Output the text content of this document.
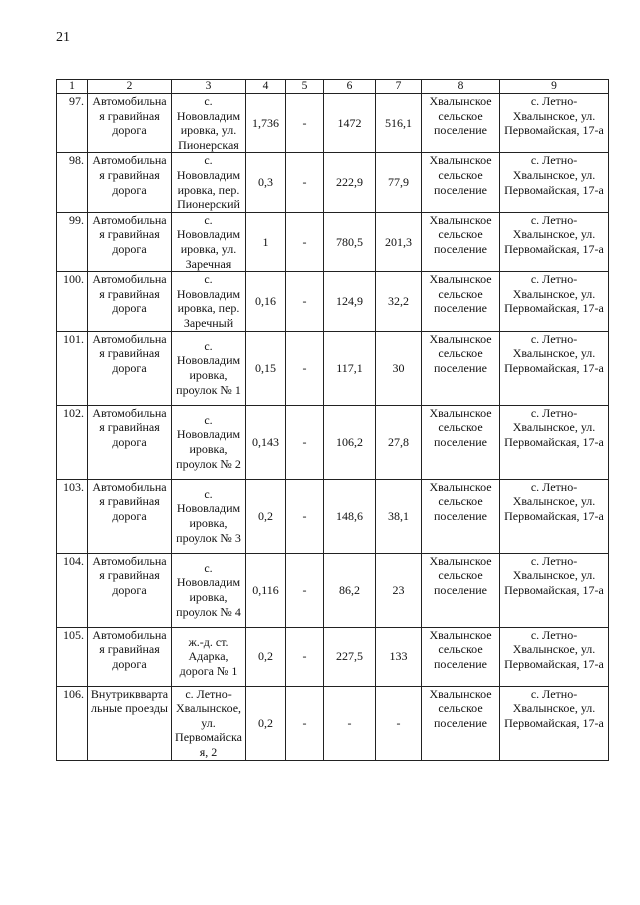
21
1	2	3	4	5	6	7	8	9
97.	Автомобильна я гравийная дорога	с. Нововладим ировка, ул. Пионерская	1,736	-	1472	516,1	Хвалынское сельское поселение	с. Летно-Хвалынское, ул. Первомайская, 17-а
98.	Автомобильна я гравийная дорога	с. Нововладим ировка, пер. Пионерский	0,3	-	222,9	77,9	Хвалынское сельское поселение	с. Летно-Хвалынское, ул. Первомайская, 17-а
99.	Автомобильна я гравийная дорога	с. Нововладим ировка, ул. Заречная	1	-	780,5	201,3	Хвалынское сельское поселение	с. Летно-Хвалынское, ул. Первомайская, 17-а
100.	Автомобильна я гравийная дорога	с. Нововладим ировка, пер. Заречный	0,16	-	124,9	32,2	Хвалынское сельское поселение	с. Летно-Хвалынское, ул. Первомайская, 17-а
101.	Автомобильна я гравийная дорога	с. Нововладим ировка, проулок № 1	0,15	-	117,1	30	Хвалынское сельское поселение	с. Летно-Хвалынское, ул. Первомайская, 17-а
102.	Автомобильна я гравийная дорога	с. Нововладим ировка, проулок № 2	0,143	-	106,2	27,8	Хвалынское сельское поселение	с. Летно-Хвалынское, ул. Первомайская, 17-а
103.	Автомобильна я гравийная дорога	с. Нововладим ировка, проулок № 3	0,2	-	148,6	38,1	Хвалынское сельское поселение	с. Летно-Хвалынское, ул. Первомайская, 17-а
104.	Автомобильна я гравийная дорога	с. Нововладим ировка, проулок № 4	0,116	-	86,2	23	Хвалынское сельское поселение	с. Летно-Хвалынское, ул. Первомайская, 17-а
105.	Автомобильна я гравийная дорога	ж.-д. ст. Адарка, дорога № 1	0,2	-	227,5	133	Хвалынское сельское поселение	с. Летно-Хвалынское, ул. Первомайская, 17-а
106.	Внутриквварта льные проезды	с. Летно-Хвалынское, ул. Первомайска я, 2	0,2	-	-	-	Хвалынское сельское поселение	с. Летно-Хвалынское, ул. Первомайская, 17-а
